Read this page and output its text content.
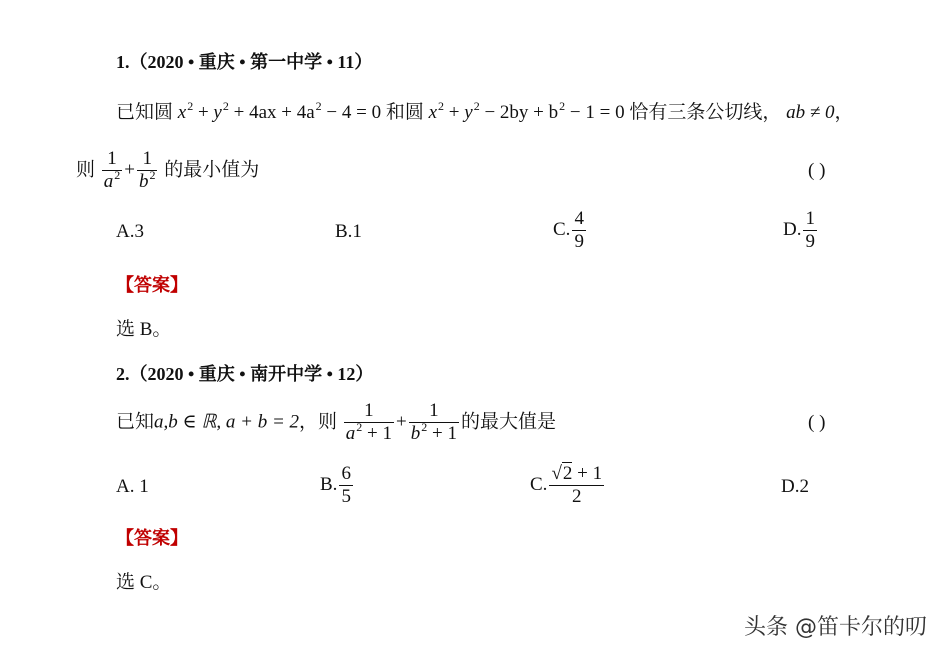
1.（2020 • 重庆 • 第一中学 • 11）
已知圆 $x^2 + y^2 + 4ax + 4a^2 - 4 = 0$ 和圆 $x^2 + y^2 - 2by + b^2 - 1 = 0$ 恰有三条公切线， ab ≠ 0，
则 $\frac{1}{a^2} + \frac{1}{b^2}$ 的最小值为	( )
A.3	B.1	C. $\frac{4}{9}$	D. $\frac{1}{9}$
【答案】
选 B。
2.（2020 • 重庆 • 南开中学 • 12）
已知a,b ∈ ℝ, a + b = 2，则 $\frac{1}{a^2 + 1} + \frac{1}{b^2 + 1}$ 的最大值是	( )
A. 1	B. $\frac{6}{5}$	C. $\frac{√2 + 1}{2}$	D.2
【答案】
选 C。
头条 @笛卡尔的叨
